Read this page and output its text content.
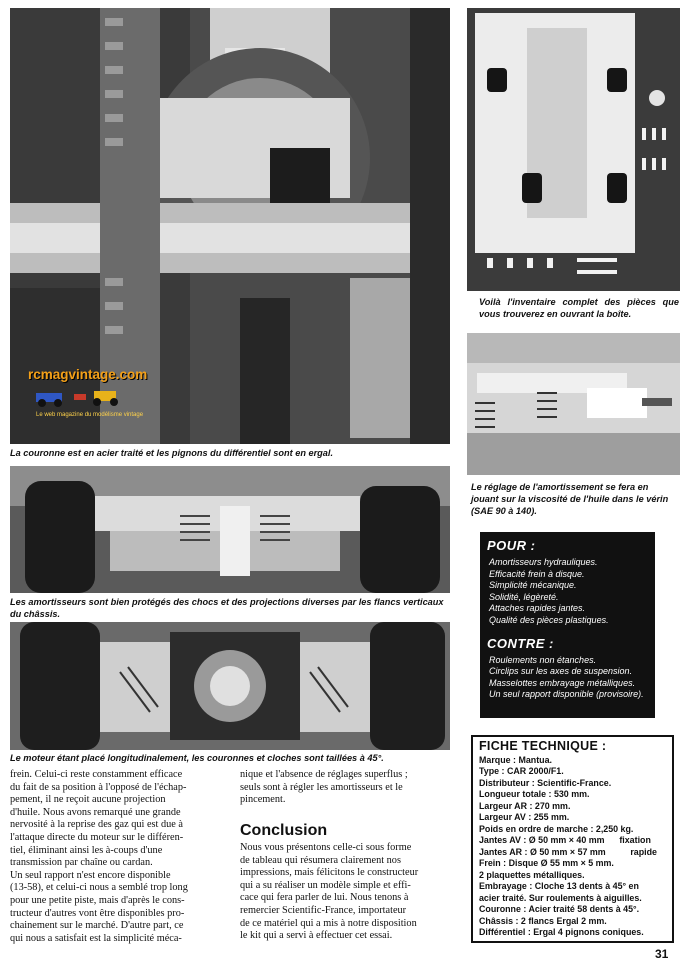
rcmagvintage.com
Le web magazine du modélisme vintage
La couronne est en acier traité et les pignons du différentiel sont en ergal.
Les amortisseurs sont bien protégés des chocs et des projections diverses par les flancs verticaux du châssis.
Le moteur étant placé longitudinalement, les couronnes et cloches sont taillées à 45°.
Voilà l'inventaire complet des pièces que vous trouverez en ouvrant la boîte.
Le réglage de l'amortissement se fera en jouant sur la viscosité de l'huile dans le vérin (SAE 90 à 140).
POUR :
Amortisseurs hydrauliques.
Efficacité frein à disque.
Simplicité mécanique.
Solidité, légèreté.
Attaches rapides jantes.
Qualité des pièces plastiques.
CONTRE :
Roulements non étanches.
Circlips sur les axes de suspension.
Masselottes embrayage métalliques.
Un seul rapport disponible (provisoire).
FICHE TECHNIQUE :
Marque : Mantua.
Type : CAR 2000/F1.
Distributeur : Scientific-France.
Longueur totale : 530 mm.
Largeur AR : 270 mm.
Largeur AV : 255 mm.
Poids en ordre de marche : 2,250 kg.
Jantes AV : Ø 50 mm × 40 mm      fixation
Jantes AR : Ø 50 mm × 57 mm          rapide
Frein : Disque Ø 55 mm × 5 mm.
2 plaquettes métalliques.
Embrayage : Cloche 13 dents à 45° en
acier traité. Sur roulements à aiguilles.
Couronne : Acier traité 58 dents à 45°.
Châssis : 2 flancs Ergal 2 mm.
Différentiel : Ergal 4 pignons coniques.

frein. Celui-ci reste constamment efficace

du fait de sa position à l'opposé de l'échap-

pement, il ne reçoit aucune projection

d'huile. Nous avons remarqué une grande

nervosité à la reprise des gaz qui est due à

l'attaque directe du moteur sur le différen-

tiel, éliminant ainsi les à-coups d'une

transmission par chaîne ou cardan.

Un seul rapport n'est encore disponible

(13-58), et celui-ci nous a semblé trop long

pour une petite piste, mais d'après le cons-

tructeur d'autres vont être disponibles pro-

chainement sur le marché. D'autre part, ce

qui nous a satisfait est la simplicité méca-

nique et l'absence de réglages superflus ;

seuls sont à régler les amortisseurs et le

pincement.

Conclusion

Nous vous présentons celle-ci sous forme

de tableau qui résumera clairement nos

impressions, mais félicitons le constructeur

qui a su réaliser un modèle simple et effi-

cace qui fera parler de lui. Nous tenons à

remercier Scientific-France, importateur

de ce matériel qui a mis à notre disposition

le kit qui a servi à effectuer cet essai.

31
